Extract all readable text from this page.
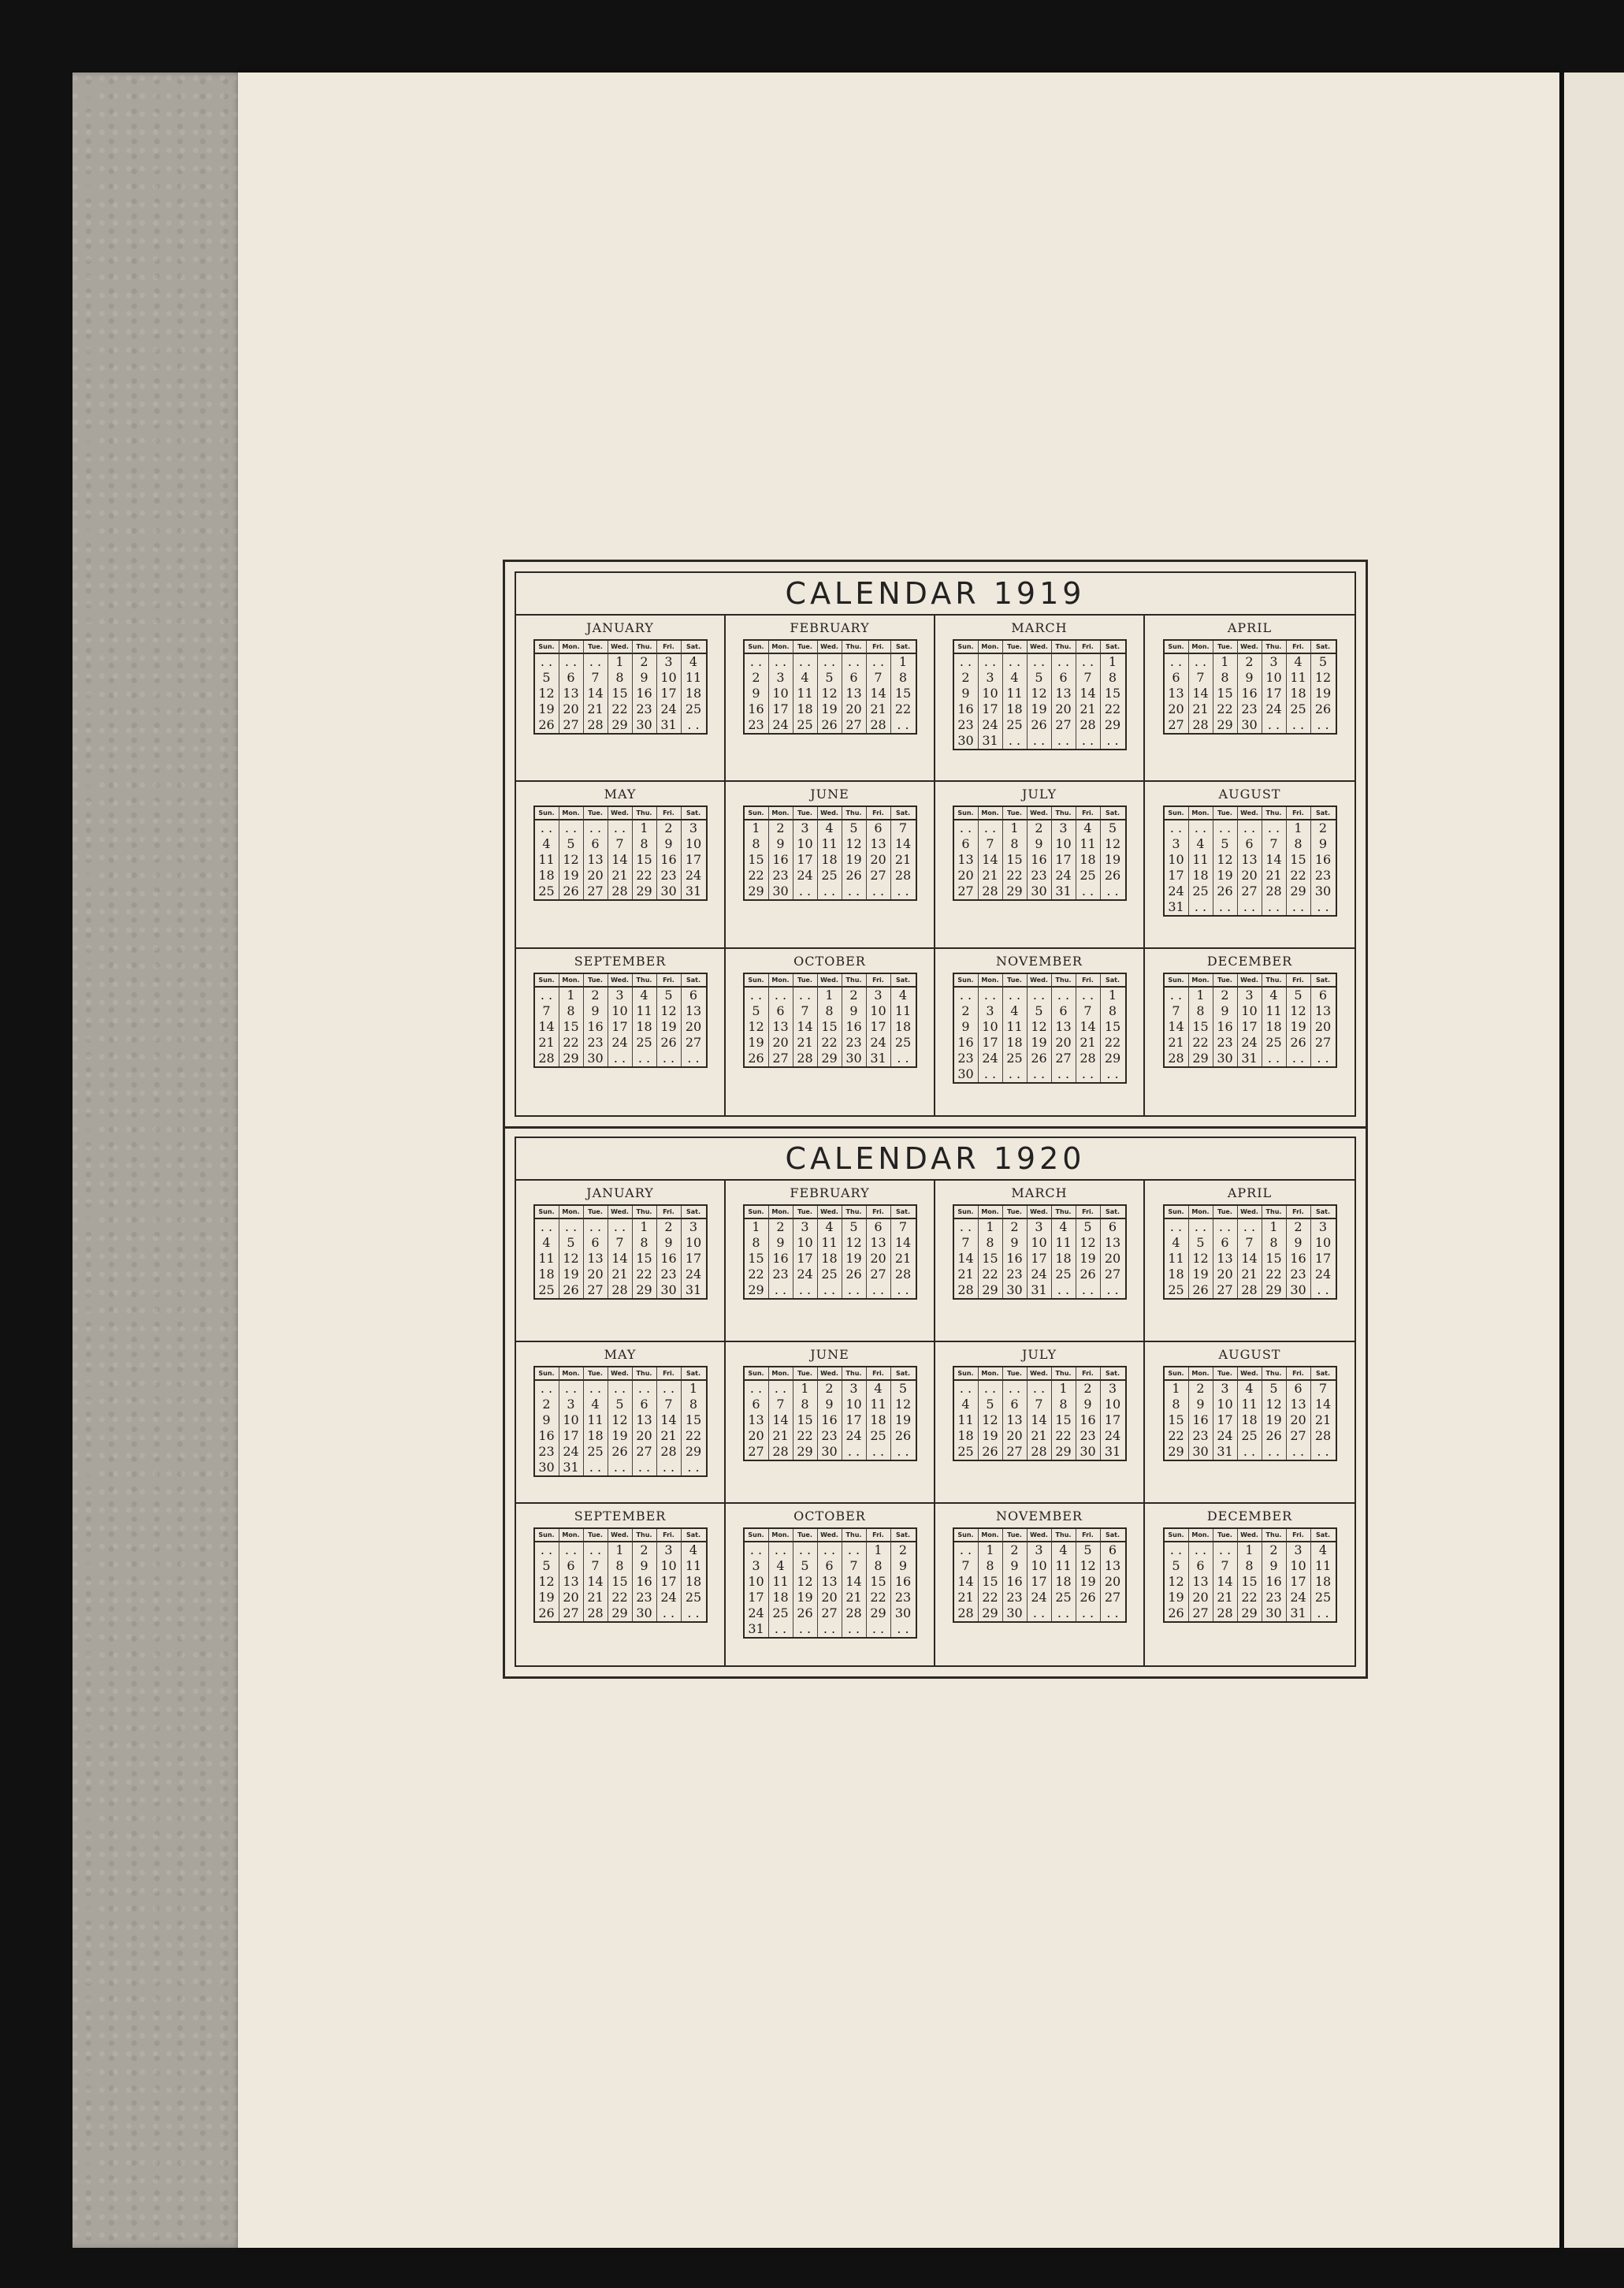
CALENDAR 1919
JANUARY
Sun.	Mon.	Tue.	Wed.	Thu.	Fri.	Sat.
. . . . . .	1	2	3	4
5	6	7	8	9 10 11
12 13 14 15 16 17 18
19 20 21 22 23 24 25
26 27 28 29 30 31 . .
FEBRUARY
Sun.	Mon.	Tue.	Wed.	Thu.	Fri.	Sat.
. . . . . . . . . . . .	1
2	3	4	5	6	7	8
9 10 11 12 13 14 15
16 17 18 19 20 21 22
23 24 25 26 27 28 . .
MARCH
Sun.	Mon.	Tue.	Wed.	Thu.	Fri.	Sat.
. . . . . . . . . . . .	1
2	3	4	5	6	7	8
9 10 11 12 13 14 15
16 17 18 19 20 21 22
23 24 25 26 27 28 29
30 31 . . . . . . . .	. .
APRIL
Sun.	Mon.	Tue.	Wed.	Thu.	Fri.	Sat.
. . . .	1	2	3	4	5
6	7	8	9 10 11 12
13 14 15 16 17 18 19
20 21 22 23 24 25 26
27 28 29 30 . . . .	. .
MAY
Sun.	Mon.	Tue.	Wed.	Thu.	Fri.	Sat.
. . . . . . . .	1	2	3
4	5	6	7	8	9	10
11 12 13 14 15 16 17
18 19 20 21 22 23 24
25 26 27 28 29 30 31
JUNE
Sun.	Mon.	Tue.	Wed.	Thu.	Fri.	Sat.
1	2	3	4	5	6	7
8	9 10 11 12 13 14
15 16 17 18 19 20 21
22 23 24 25 26 27 28
29 30 . . . . . . . .	. .
JULY
Sun.	Mon.	Tue.	Wed.	Thu.	Fri.	Sat.
. . . .	1	2	3	4	5
6	7	8	9 10 11 12
13 14 15 16 17 18 19
20 21 22 23 24 25 26
27 28 29 30 31 . .	. .
AUGUST
Sun.	Mon.	Tue.	Wed.	Thu.	Fri.	Sat.
. . . . . . . . . .	1	2
3	4	5	6	7	8	9
10 11 12 13 14 15 16
17 18 19 20 21 22 23
24 25 26 27 28 29 30
31 . . . . . . . . . .	. .
SEPTEMBER
Sun.	Mon.	Tue.	Wed.	Thu.	Fri.	Sat.
. .	1	2	3	4	5	6
7	8	9 10 11 12 13
14 15 16 17 18 19 20
21 22 23 24 25 26 27
28 29 30 . . . . . .	. .
OCTOBER
Sun.	Mon.	Tue.	Wed.	Thu.	Fri.	Sat.
. . . . . .	1	2	3	4
5	6	7	8	9 10 11
12 13 14 15 16 17 18
19 20 21 22 23 24 25
26 27 28 29 30 31 . .
NOVEMBER
Sun.	Mon.	Tue.	Wed.	Thu.	Fri.	Sat.
. . . . . . . . . . . .	1
2	3	4	5	6	7	8
9 10 11 12 13 14 15
16 17 18 19 20 21 22
23 24 25 26 27 28 29
30 . . . . . . . . . .	. .
DECEMBER
Sun.	Mon.	Tue.	Wed.	Thu.	Fri.	Sat.
. .	1	2	3	4	5	6
7	8	9 10 11 12 13
14 15 16 17 18 19 20
21 22 23 24 25 26 27
28 29 30 31 . . . .	. .
CALENDAR 1920
JANUARY
Sun.	Mon.	Tue.	Wed.	Thu.	Fri.	Sat.
. . . . . . . .	1	2	3
4	5	6	7	8	9	10
11 12 13 14 15 16 17
18 19 20 21 22 23 24
25 26 27 28 29 30 31
FEBRUARY
Sun.	Mon.	Tue.	Wed.	Thu.	Fri.	Sat.
1	2	3	4	5	6	7
8	9 10 11 12 13 14
15 16 17 18 19 20 21
22 23 24 25 26 27 28
29 . . . . . . . . . .	. .
MARCH
Sun.	Mon.	Tue.	Wed.	Thu.	Fri.	Sat.
. .	1	2	3	4	5	6
7	8	9 10 11 12 13
14 15 16 17 18 19 20
21 22 23 24 25 26 27
28 29 30 31 . . . .	. .
APRIL
Sun.	Mon.	Tue.	Wed.	Thu.	Fri.	Sat.
. . . . . . . .	1	2	3
4	5	6	7	8	9	10
11 12 13 14 15 16 17
18 19 20 21 22 23 24
25 26 27 28 29 30 . .
MAY
Sun.	Mon.	Tue.	Wed.	Thu.	Fri.	Sat.
. . . . . . . . . . . .	1
2	3	4	5	6	7	8
9 10 11 12 13 14 15
16 17 18 19 20 21 22
23 24 25 26 27 28 29
30 31 . . . . . . . .	. .
JUNE
Sun.	Mon.	Tue.	Wed.	Thu.	Fri.	Sat.
. . . .	1	2	3	4	5
6	7	8	9 10 11 12
13 14 15 16 17 18 19
20 21 22 23 24 25 26
27 28 29 30 . . . .	. .
JULY
Sun.	Mon.	Tue.	Wed.	Thu.	Fri.	Sat.
. . . . . . . .	1	2	3
4	5	6	7	8	9	10
11 12 13 14 15 16 17
18 19 20 21 22 23 24
25 26 27 28 29 30 31
AUGUST
Sun.	Mon.	Tue.	Wed.	Thu.	Fri.	Sat.
1	2	3	4	5	6	7
8	9 10 11 12 13 14
15 16 17 18 19 20 21
22 23 24 25 26 27 28
29 30 31 . . . . . .	. .
SEPTEMBER
Sun.	Mon.	Tue.	Wed.	Thu.	Fri.	Sat.
. . . . . .	1	2	3	4
5	6	7	8	9 10 11
12 13 14 15 16 17 18
19 20 21 22 23 24 25
26 27 28 29 30 . .	. .
OCTOBER
Sun.	Mon.	Tue.	Wed.	Thu.	Fri.	Sat.
. . . . . . . . . .	1	2
3	4	5	6	7	8	9
10 11 12 13 14 15 16
17 18 19 20 21 22 23
24 25 26 27 28 29 30
31 . . . . . . . . . .	. .
NOVEMBER
Sun.	Mon.	Tue.	Wed.	Thu.	Fri.	Sat.
. .	1	2	3	4	5	6
7	8	9 10 11 12 13
14 15 16 17 18 19 20
21 22 23 24 25 26 27
28 29 30 . . . . . .	. .
DECEMBER
Sun.	Mon.	Tue.	Wed.	Thu.	Fri.	Sat.
. . . . . .	1	2	3	4
5	6	7	8	9 10 11
12 13 14 15 16 17 18
19 20 21 22 23 24 25
26 27 28 29 30 31 . .
